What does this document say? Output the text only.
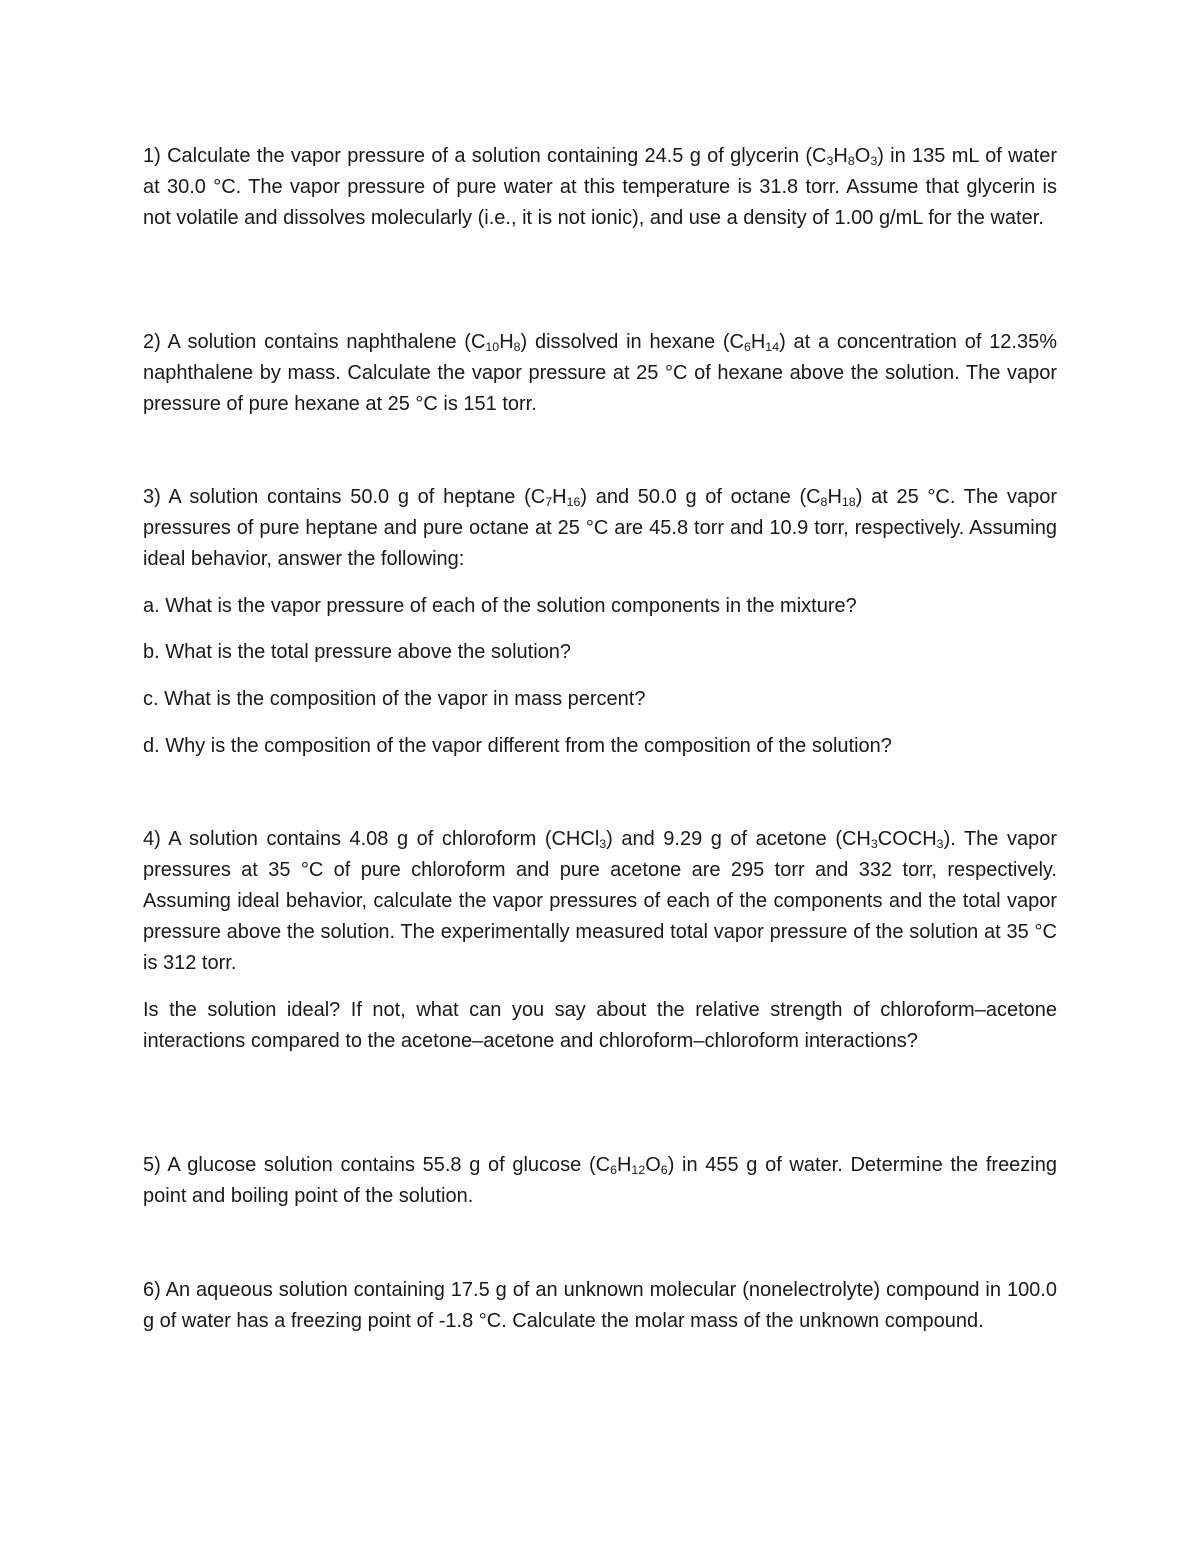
1) Calculate the vapor pressure of a solution containing 24.5 g of glycerin $(C_3H_8O_3)$ in 135 mL of water at 30.0 °C. The vapor pressure of pure water at this temperature is 31.8 torr. Assume that glycerin is not volatile and dissolves molecularly (i.e., it is not ionic), and use a density of 1.00 g/mL for the water.

2) A solution contains naphthalene $(C_{10}H_8)$ dissolved in hexane $(C_6H_{14})$ at a concentration of 12.35% naphthalene by mass. Calculate the vapor pressure at 25 °C of hexane above the solution. The vapor pressure of pure hexane at 25 °C is 151 torr.

3) A solution contains 50.0 g of heptane $(C_7H_{16})$ and 50.0 g of octane $(C_8H_{18})$ at 25 °C. The vapor pressures of pure heptane and pure octane at 25 °C are 45.8 torr and 10.9 torr, respectively. Assuming ideal behavior, answer the following:

a. What is the vapor pressure of each of the solution components in the mixture?

b. What is the total pressure above the solution?

c. What is the composition of the vapor in mass percent?

d. Why is the composition of the vapor different from the composition of the solution?

4) A solution contains 4.08 g of chloroform (CHCl$_3$) and 9.29 g of acetone $(CH_3COCH_3)$. The vapor pressures at 35 °C of pure chloroform and pure acetone are 295 torr and 332 torr, respectively. Assuming ideal behavior, calculate the vapor pressures of each of the components and the total vapor pressure above the solution. The experimentally measured total vapor pressure of the solution at 35 °C is 312 torr.

Is the solution ideal? If not, what can you say about the relative strength of chloroform–acetone interactions compared to the acetone–acetone and chloroform–chloroform interactions?

5) A glucose solution contains 55.8 g of glucose $(C_6H_{12}O_6)$ in 455 g of water. Determine the freezing point and boiling point of the solution.

6) An aqueous solution containing 17.5 g of an unknown molecular (nonelectrolyte) compound in 100.0 g of water has a freezing point of -1.8 °C. Calculate the molar mass of the unknown compound.
